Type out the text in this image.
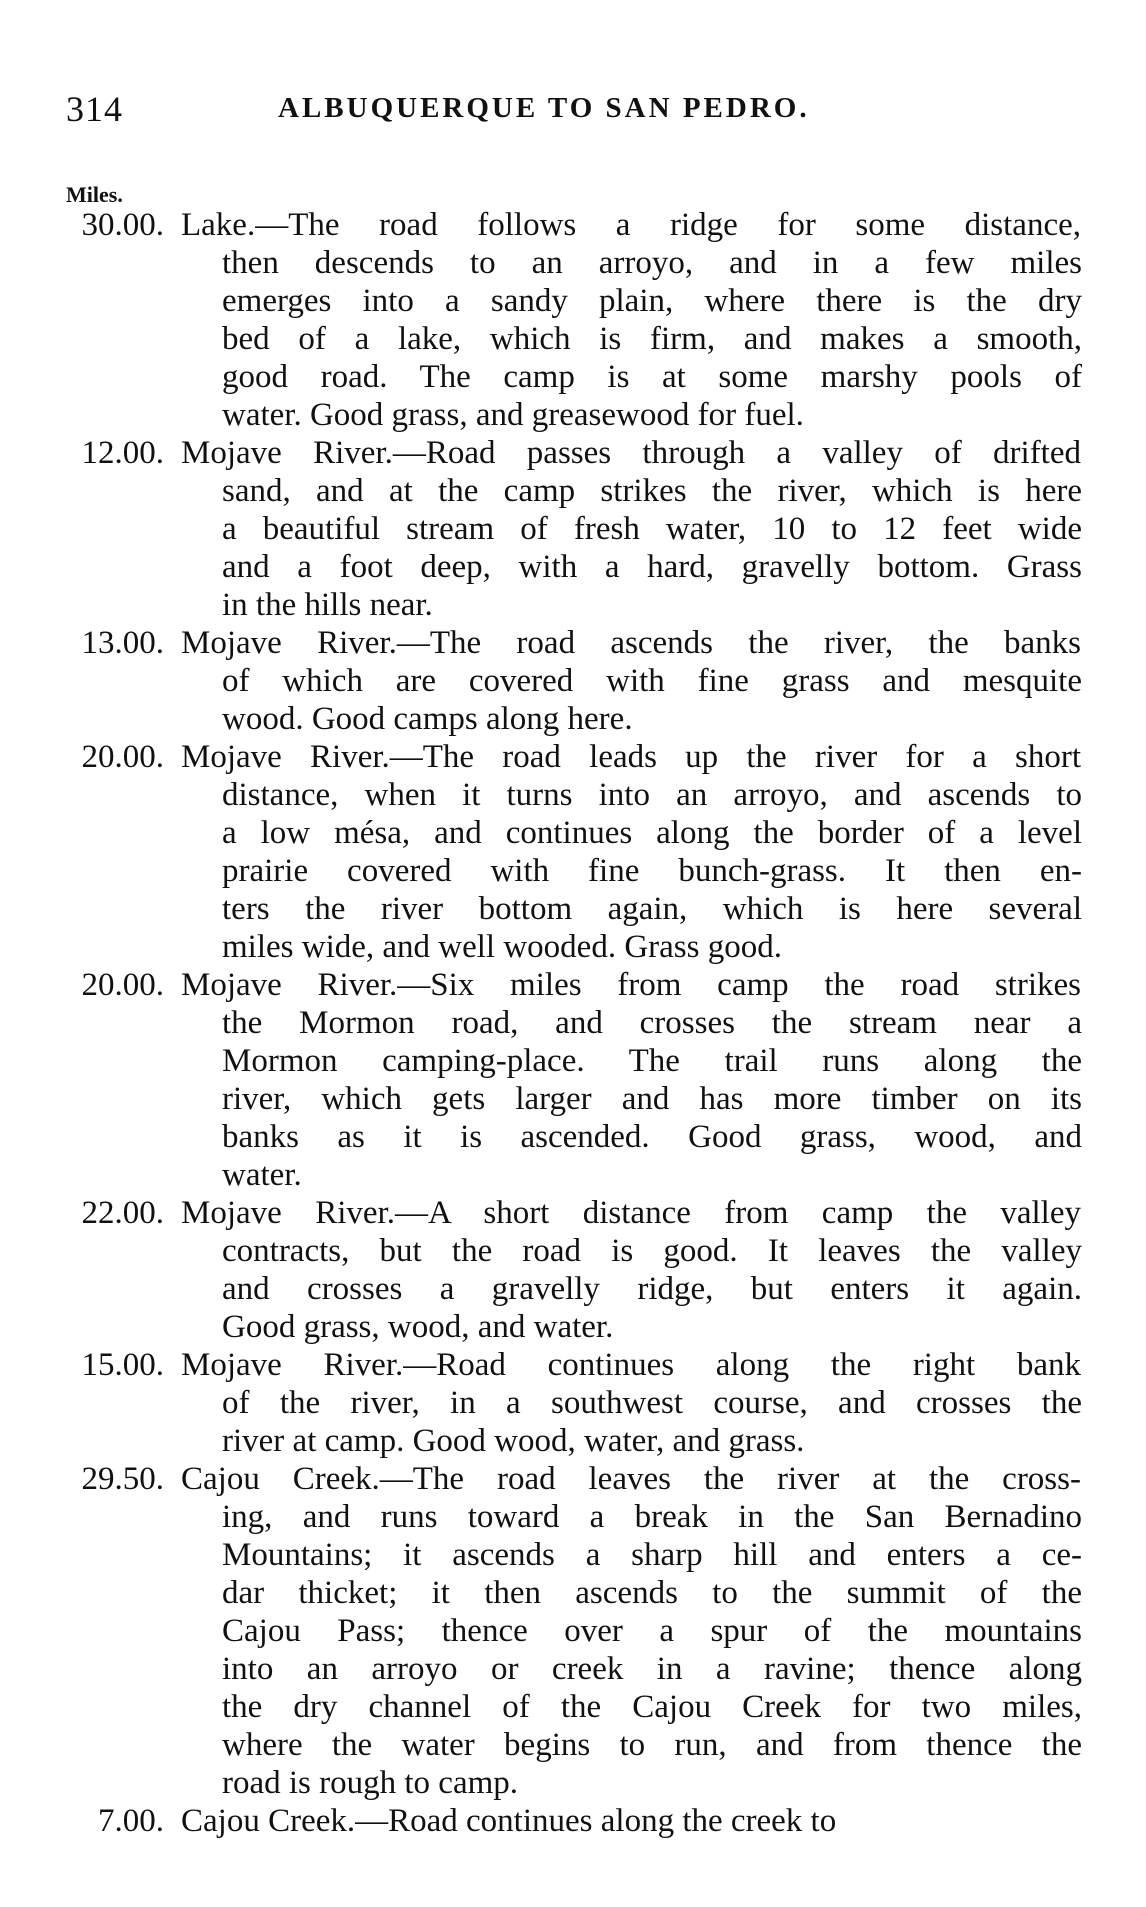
314	ALBUQUERQUE TO SAN PEDRO.
Miles.
30.00. Lake.—The road follows a ridge for some distance,
then descends to an arroyo, and in a few miles
emerges into a sandy plain, where there is the dry
bed of a lake, which is firm, and makes a smooth,
good road. The camp is at some marshy pools of
water. Good grass, and greasewood for fuel.
12.00. Mojave River.—Road passes through a valley of drifted
sand, and at the camp strikes the river, which is here
a beautiful stream of fresh water, 10 to 12 feet wide
and a foot deep, with a hard, gravelly bottom. Grass
in the hills near.
13.00. Mojave River.—The road ascends the river, the banks
of which are covered with fine grass and mesquite
wood. Good camps along here.
20.00. Mojave River.—The road leads up the river for a short
distance, when it turns into an arroyo, and ascends to
a low mésa, and continues along the border of a level
prairie covered with fine bunch-grass. It then en-
ters the river bottom again, which is here several
miles wide, and well wooded. Grass good.
20.00. Mojave River.—Six miles from camp the road strikes
the Mormon road, and crosses the stream near a
Mormon camping-place. The trail runs along the
river, which gets larger and has more timber on its
banks as it is ascended. Good grass, wood, and
water.
22.00. Mojave River.—A short distance from camp the valley
contracts, but the road is good. It leaves the valley
and crosses a gravelly ridge, but enters it again.
Good grass, wood, and water.
15.00. Mojave River.—Road continues along the right bank
of the river, in a southwest course, and crosses the
river at camp. Good wood, water, and grass.
29.50. Cajou Creek.—The road leaves the river at the cross-
ing, and runs toward a break in the San Bernadino
Mountains; it ascends a sharp hill and enters a ce-
dar thicket; it then ascends to the summit of the
Cajou Pass; thence over a spur of the mountains
into an arroyo or creek in a ravine; thence along
the dry channel of the Cajou Creek for two miles,
where the water begins to run, and from thence the
road is rough to camp.
7.00. Cajou Creek.—Road continues along the creek to
